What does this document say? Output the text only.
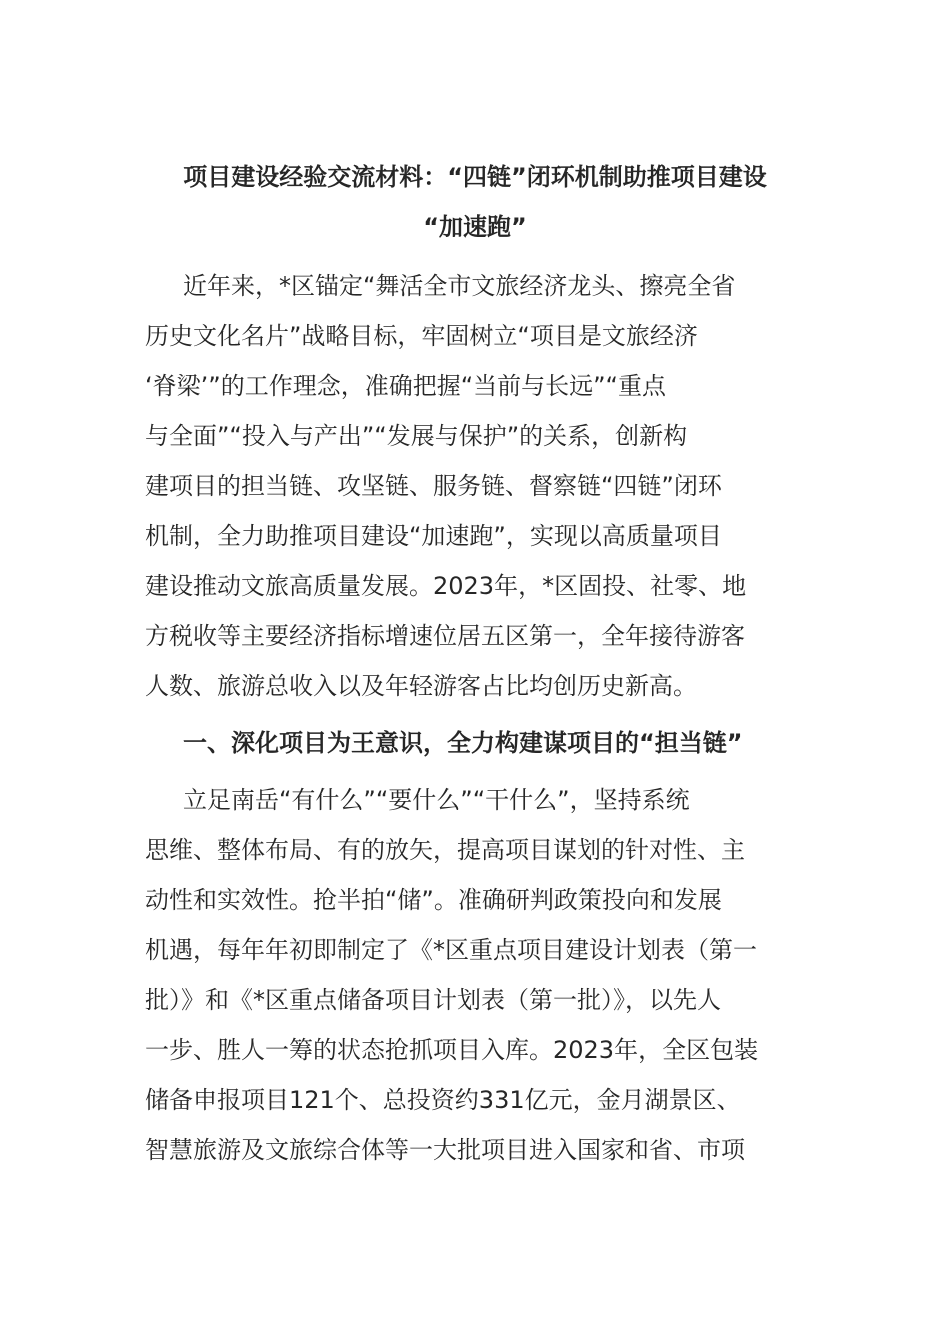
项目建设经验交流材料：“四链”闭环机制助推项目建设
“加速跑”
近年来，*区锚定“舞活全市文旅经济龙头、擦亮全省
历史文化名片”战略目标，牢固树立“项目是文旅经济
‘脊梁’”的工作理念，准确把握“当前与长远”“重点
与全面”“投入与产出”“发展与保护”的关系，创新构
建项目的担当链、攻坚链、服务链、督察链“四链”闭环
机制，全力助推项目建设“加速跑”，实现以高质量项目
建设推动文旅高质量发展。2023年，*区固投、社零、地
方税收等主要经济指标增速位居五区第一，全年接待游客
人数、旅游总收入以及年轻游客占比均创历史新高。
一、深化项目为王意识，全力构建谋项目的“担当链”
立足南岳“有什么”“要什么”“干什么”，坚持系统
思维、整体布局、有的放矢，提高项目谋划的针对性、主
动性和实效性。抢半拍“储”。准确研判政策投向和发展
机遇，每年年初即制定了《*区重点项目建设计划表（第一
批）》和《*区重点储备项目计划表（第一批）》，以先人
一步、胜人一筹的状态抢抓项目入库。2023年，全区包装
储备申报项目121个、总投资约331亿元，金月湖景区、
智慧旅游及文旅综合体等一大批项目进入国家和省、市项
